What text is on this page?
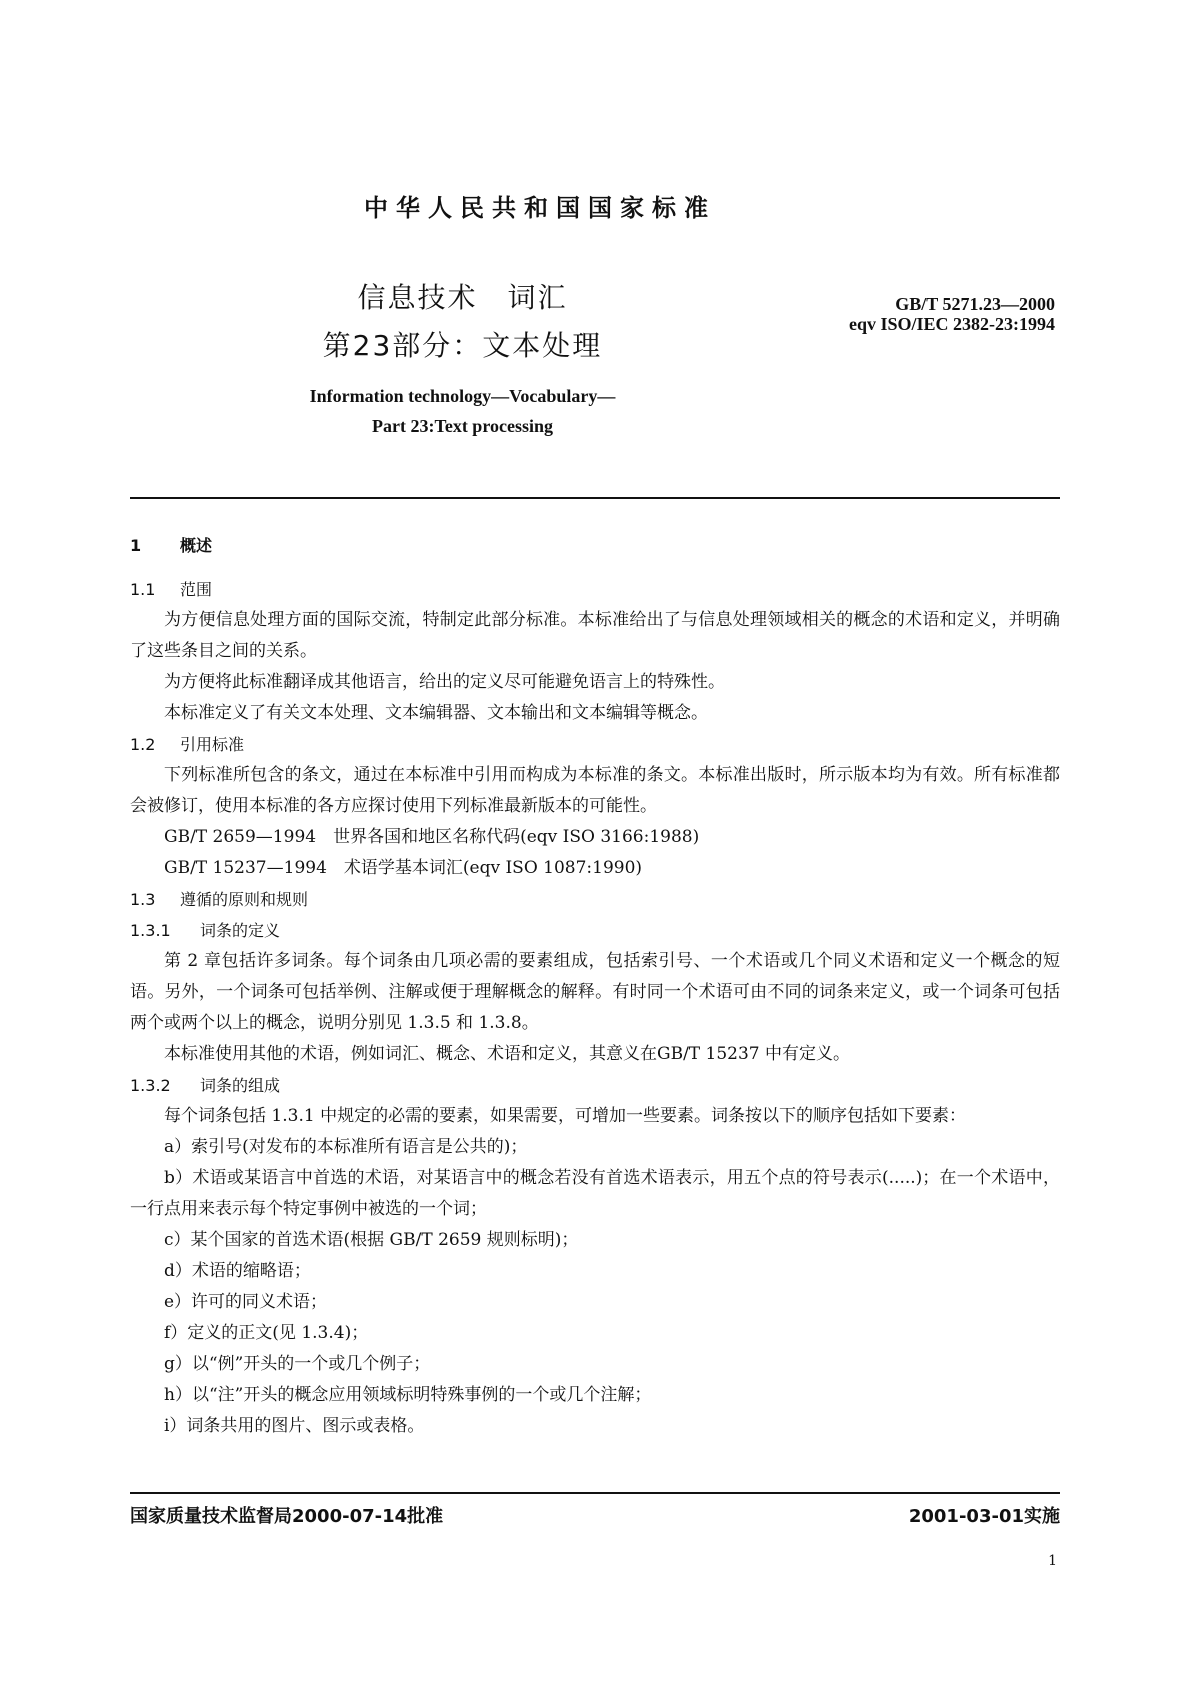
中华人民共和国国家标准

信息技术　词汇

第23部分：文本处理

GB/T 5271.23—2000

eqv ISO/IEC 2382-23:1994

Information technology—Vocabulary—

Part 23:Text processing

1 概述

1.1 范围

为方便信息处理方面的国际交流，特制定此部分标准。本标准给出了与信息处理领域相关的概念的术语和定义，并明确了这些条目之间的关系。

为方便将此标准翻译成其他语言，给出的定义尽可能避免语言上的特殊性。

本标准定义了有关文本处理、文本编辑器、文本输出和文本编辑等概念。

1.2 引用标准

下列标准所包含的条文，通过在本标准中引用而构成为本标准的条文。本标准出版时，所示版本均为有效。所有标准都会被修订，使用本标准的各方应探讨使用下列标准最新版本的可能性。

GB/T 2659—1994　世界各国和地区名称代码(eqv ISO 3166:1988)

GB/T 15237—1994　术语学基本词汇(eqv ISO 1087:1990)

1.3 遵循的原则和规则

1.3.1 词条的定义

第 2 章包括许多词条。每个词条由几项必需的要素组成，包括索引号、一个术语或几个同义术语和定义一个概念的短语。另外，一个词条可包括举例、注解或便于理解概念的解释。有时同一个术语可由不同的词条来定义，或一个词条可包括两个或两个以上的概念，说明分别见 1.3.5 和 1.3.8。

本标准使用其他的术语，例如词汇、概念、术语和定义，其意义在GB/T 15237 中有定义。

1.3.2 词条的组成

每个词条包括 1.3.1 中规定的必需的要素，如果需要，可增加一些要素。词条按以下的顺序包括如下要素：

a）索引号(对发布的本标准所有语言是公共的)；

b）术语或某语言中首选的术语，对某语言中的概念若没有首选术语表示，用五个点的符号表示(.....)；在一个术语中，一行点用来表示每个特定事例中被选的一个词；

c）某个国家的首选术语(根据 GB/T 2659 规则标明)；

d）术语的缩略语；

e）许可的同义术语；

f）定义的正文(见 1.3.4)；

g）以“例”开头的一个或几个例子；

h）以“注”开头的概念应用领域标明特殊事例的一个或几个注解；

i）词条共用的图片、图示或表格。

国家质量技术监督局2000-07-14批准	2001-03-01实施

1
